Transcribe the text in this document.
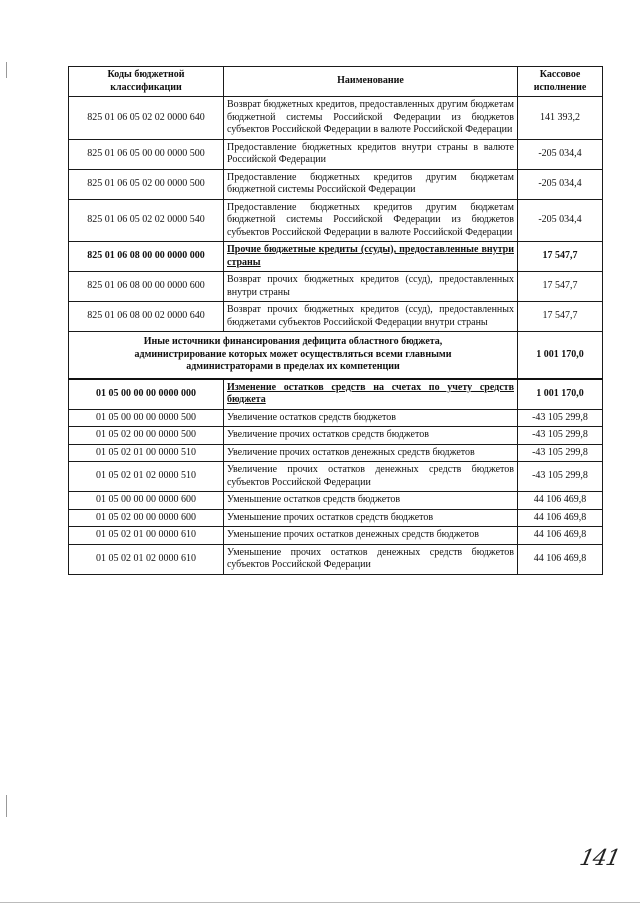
Коды бюджетной классификации	Наименование	Кассовое исполнение
825 01 06 05 02 02 0000 640	Возврат бюджетных кредитов, предоставленных другим бюджетам бюджетной системы Российской Федерации из бюджетов субъектов Российской Федерации в валюте Российской Федерации	141 393,2
825 01 06 05 00 00 0000 500	Предоставление бюджетных кредитов внутри страны в валюте Российской Федерации	-205 034,4
825 01 06 05 02 00 0000 500	Предоставление бюджетных кредитов другим бюджетам бюджетной системы Российской Федерации	-205 034,4
825 01 06 05 02 02 0000 540	Предоставление бюджетных кредитов другим бюджетам бюджетной системы Российской Федерации из бюджетов субъектов Российской Федерации в валюте Российской Федерации	-205 034,4
825 01 06 08 00 00 0000 000	Прочие бюджетные кредиты (ссуды), предоставленные внутри страны	17 547,7
825 01 06 08 00 00 0000 600	Возврат прочих бюджетных кредитов (ссуд), предоставленных внутри страны	17 547,7
825 01 06 08 00 02 0000 640	Возврат прочих бюджетных кредитов (ссуд), предоставленных бюджетами субъектов Российской Федерации внутри страны	17 547,7
Иные источники финансирования дефицита областного бюджета, администрирование которых может осуществляться всеми главными администраторами в пределах их компетенции		1 001 170,0
01 05 00 00 00 0000 000	Изменение остатков средств на счетах по учету средств бюджета	1 001 170,0
01 05 00 00 00 0000 500	Увеличение остатков средств бюджетов	-43 105 299,8
01 05 02 00 00 0000 500	Увеличение прочих остатков средств бюджетов	-43 105 299,8
01 05 02 01 00 0000 510	Увеличение прочих остатков денежных средств бюджетов	-43 105 299,8
01 05 02 01 02 0000 510	Увеличение прочих остатков денежных средств бюджетов субъектов Российской Федерации	-43 105 299,8
01 05 00 00 00 0000 600	Уменьшение остатков средств бюджетов	44 106 469,8
01 05 02 00 00 0000 600	Уменьшение прочих остатков средств бюджетов	44 106 469,8
01 05 02 01 00 0000 610	Уменьшение прочих остатков денежных средств бюджетов	44 106 469,8
01 05 02 01 02 0000 610	Уменьшение прочих остатков денежных средств бюджетов субъектов Российской Федерации	44 106 469,8
141
